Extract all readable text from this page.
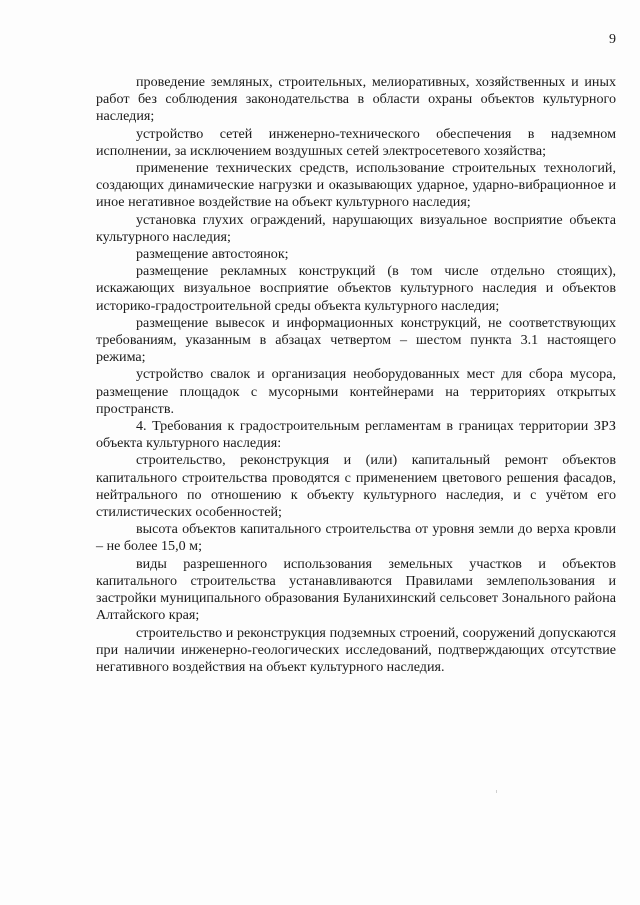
9

проведение земляных, строительных, мелиоративных, хозяйственных и иных работ без соблюдения законодательства в области охраны объектов культурного наследия;

устройство сетей инженерно-технического обеспечения в надземном исполнении, за исключением воздушных сетей электросетевого хозяйства;

применение технических средств, использование строительных технологий, создающих динамические нагрузки и оказывающих ударное, ударно-вибрационное и иное негативное воздействие на объект культурного наследия;

установка глухих ограждений, нарушающих визуальное восприятие объекта культурного наследия;

размещение автостоянок;

размещение рекламных конструкций (в том числе отдельно стоящих), искажающих визуальное восприятие объектов культурного наследия и объектов историко-градостроительной среды объекта культурного наследия;

размещение вывесок и информационных конструкций, не соответствующих требованиям, указанным в абзацах четвертом – шестом пункта 3.1 настоящего режима;

устройство свалок и организация необорудованных мест для сбора мусора, размещение площадок с мусорными контейнерами на территориях открытых пространств.

4. Требования к градостроительным регламентам в границах территории ЗРЗ объекта культурного наследия:

строительство, реконструкция и (или) капитальный ремонт объектов капитального строительства проводятся с применением цветового решения фасадов, нейтрального по отношению к объекту культурного наследия, и с учётом его стилистических особенностей;

высота объектов капитального строительства от уровня земли до верха кровли – не более 15,0 м;

виды разрешенного использования земельных участков и объектов капитального строительства устанавливаются Правилами землепользования и застройки муниципального образования Буланихинский сельсовет Зонального района Алтайского края;

строительство и реконструкция подземных строений, сооружений допускаются при наличии инженерно-геологических исследований, подтверждающих отсутствие негативного воздействия на объект культурного наследия.
